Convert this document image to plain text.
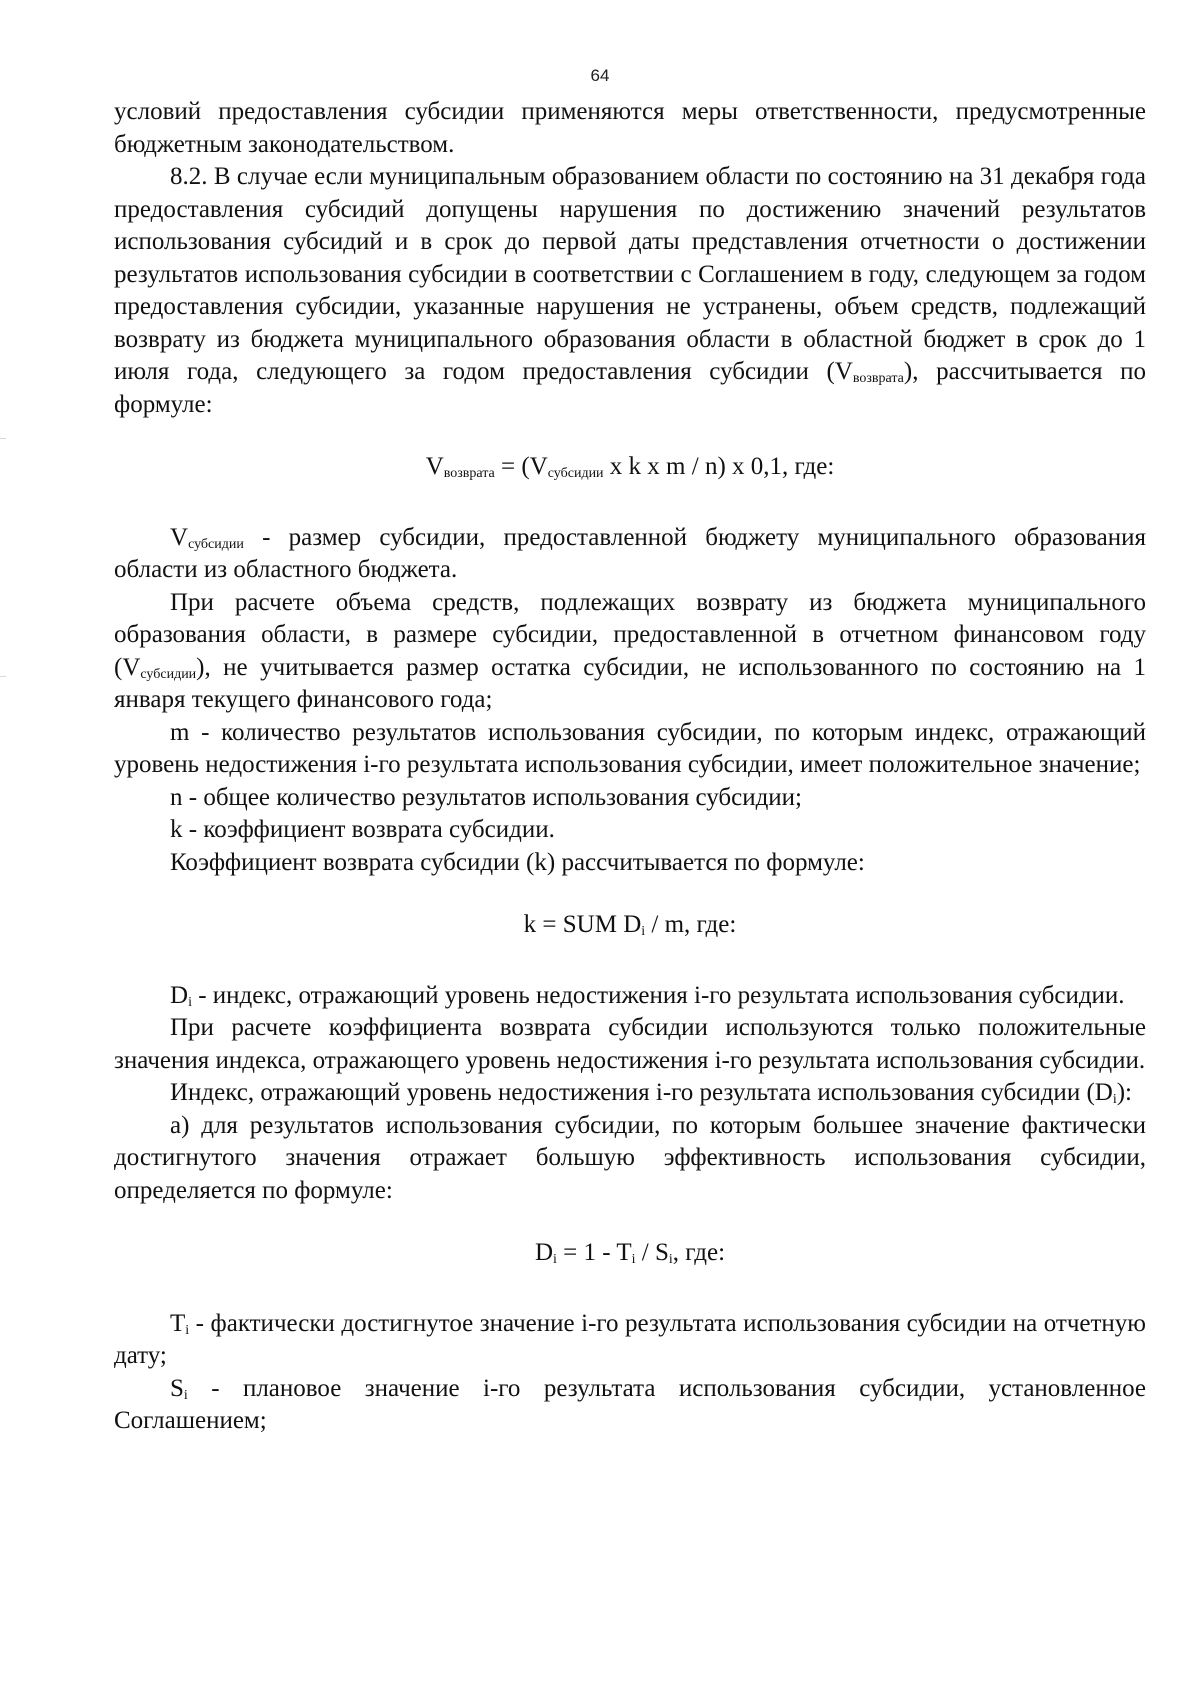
64

условий предоставления субсидии применяются меры ответственности, предусмотренные бюджетным законодательством.

8.2. В случае если муниципальным образованием области по состоянию на 31 декабря года предоставления субсидий допущены нарушения по достижению значений результатов использования субсидий и в срок до первой даты представления отчетности о достижении результатов использования субсидии в соответствии с Соглашением в году, следующем за годом предоставления субсидии, указанные нарушения не устранены, объем средств, подлежащий возврату из бюджета муниципального образования области в областной бюджет в срок до 1 июля года, следующего за годом предоставления субсидии $(V_{возврата})$, рассчитывается по формуле:

$V_{возврата} = (V_{субсидии}$ x k x m / n) x 0,1, где:

$V_{субсидии}$ - размер субсидии, предоставленной бюджету муниципального образования области из областного бюджета.

При расчете объема средств, подлежащих возврату из бюджета муниципального образования области, в размере субсидии, предоставленной в отчетном финансовом году $(V_{субсидии})$, не учитывается размер остатка субсидии, не использованного по состоянию на 1 января текущего финансового года;

m - количество результатов использования субсидии, по которым индекс, отражающий уровень недостижения i-го результата использования субсидии, имеет положительное значение;

n - общее количество результатов использования субсидии;

k - коэффициент возврата субсидии.

Коэффициент возврата субсидии (k) рассчитывается по формуле:

k = SUM $D_i$ / m, где:

$D_i$ - индекс, отражающий уровень недостижения i-го результата использования субсидии.

При расчете коэффициента возврата субсидии используются только положительные значения индекса, отражающего уровень недостижения i-го результата использования субсидии.

Индекс, отражающий уровень недостижения i-го результата использования субсидии $(D_i)$:

а) для результатов использования субсидии, по которым большее значение фактически достигнутого значения отражает большую эффективность использования субсидии, определяется по формуле:

$D_i = 1 - T_i / S_i$, где:

$T_i$ - фактически достигнутое значение i-го результата использования субсидии на отчетную дату;

$S_i$ - плановое значение i-го результата использования субсидии, установленное Соглашением;
